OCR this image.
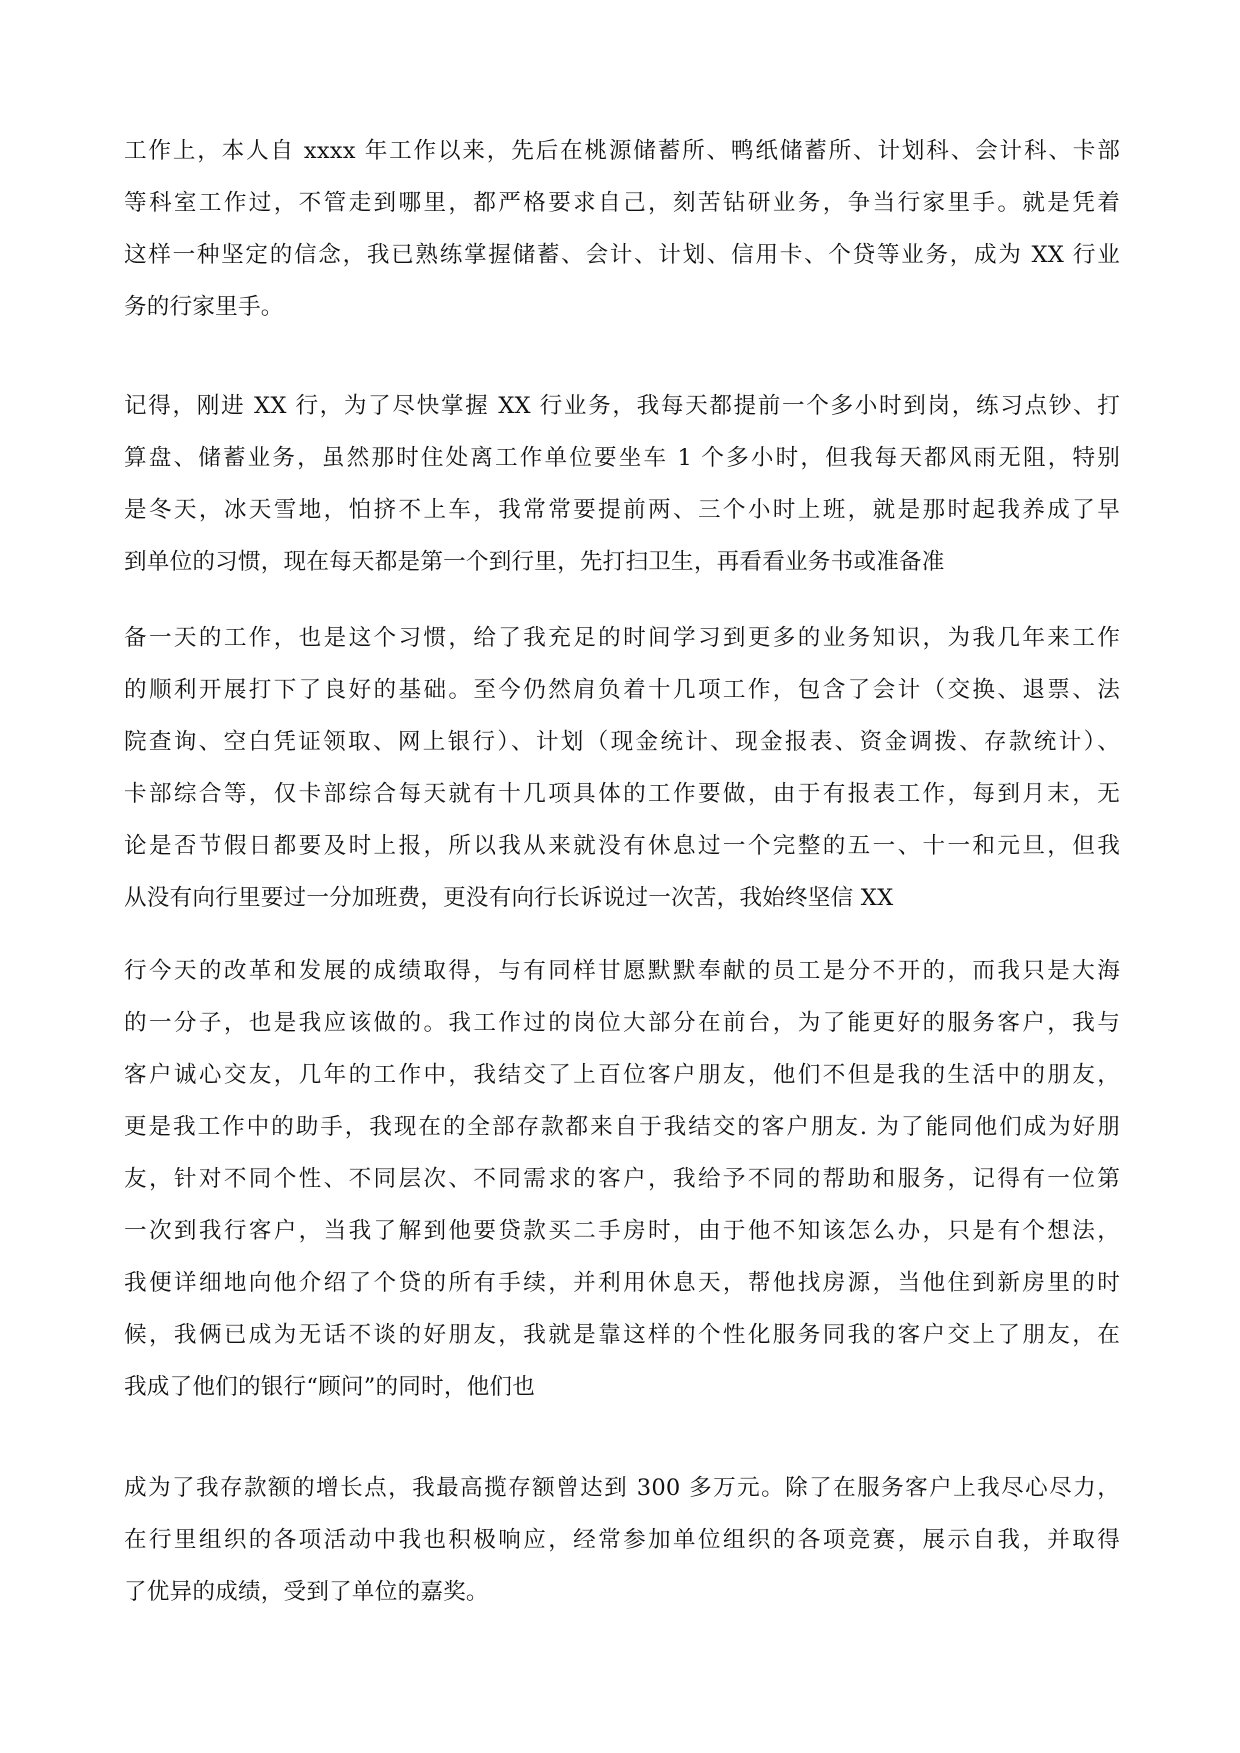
工作上，本人自 xxxx 年工作以来，先后在桃源储蓄所、鸭纸储蓄所、计划科、会计科、卡部
等科室工作过，不管走到哪里，都严格要求自己，刻苦钻研业务，争当行家里手。就是凭着
这样一种坚定的信念，我已熟练掌握储蓄、会计、计划、信用卡、个贷等业务，成为 XX 行业
务的行家里手。
记得，刚进 XX 行，为了尽快掌握 XX 行业务，我每天都提前一个多小时到岗，练习点钞、打
算盘、储蓄业务，虽然那时住处离工作单位要坐车 1 个多小时，但我每天都风雨无阻，特别
是冬天，冰天雪地，怕挤不上车，我常常要提前两、三个小时上班，就是那时起我养成了早
到单位的习惯，现在每天都是第一个到行里，先打扫卫生，再看看业务书或准备准
备一天的工作，也是这个习惯，给了我充足的时间学习到更多的业务知识，为我几年来工作
的顺利开展打下了良好的基础。至今仍然肩负着十几项工作，包含了会计（交换、退票、法
院查询、空白凭证领取、网上银行）、计划（现金统计、现金报表、资金调拨、存款统计）、
卡部综合等，仅卡部综合每天就有十几项具体的工作要做，由于有报表工作，每到月末，无
论是否节假日都要及时上报，所以我从来就没有休息过一个完整的五一、十一和元旦，但我
从没有向行里要过一分加班费，更没有向行长诉说过一次苦，我始终坚信 XX
行今天的改革和发展的成绩取得，与有同样甘愿默默奉献的员工是分不开的，而我只是大海
的一分子，也是我应该做的。我工作过的岗位大部分在前台，为了能更好的服务客户，我与
客户诚心交友，几年的工作中，我结交了上百位客户朋友，他们不但是我的生活中的朋友，
更是我工作中的助手，我现在的全部存款都来自于我结交的客户朋友. 为了能同他们成为好朋
友，针对不同个性、不同层次、不同需求的客户，我给予不同的帮助和服务，记得有一位第
一次到我行客户，当我了解到他要贷款买二手房时，由于他不知该怎么办，只是有个想法，
我便详细地向他介绍了个贷的所有手续，并利用休息天，帮他找房源，当他住到新房里的时
候，我俩已成为无话不谈的好朋友，我就是靠这样的个性化服务同我的客户交上了朋友，在
我成了他们的银行“顾问”的同时，他们也
成为了我存款额的增长点，我最高揽存额曾达到 300 多万元。除了在服务客户上我尽心尽力，
在行里组织的各项活动中我也积极响应，经常参加单位组织的各项竞赛，展示自我，并取得
了优异的成绩，受到了单位的嘉奖。
